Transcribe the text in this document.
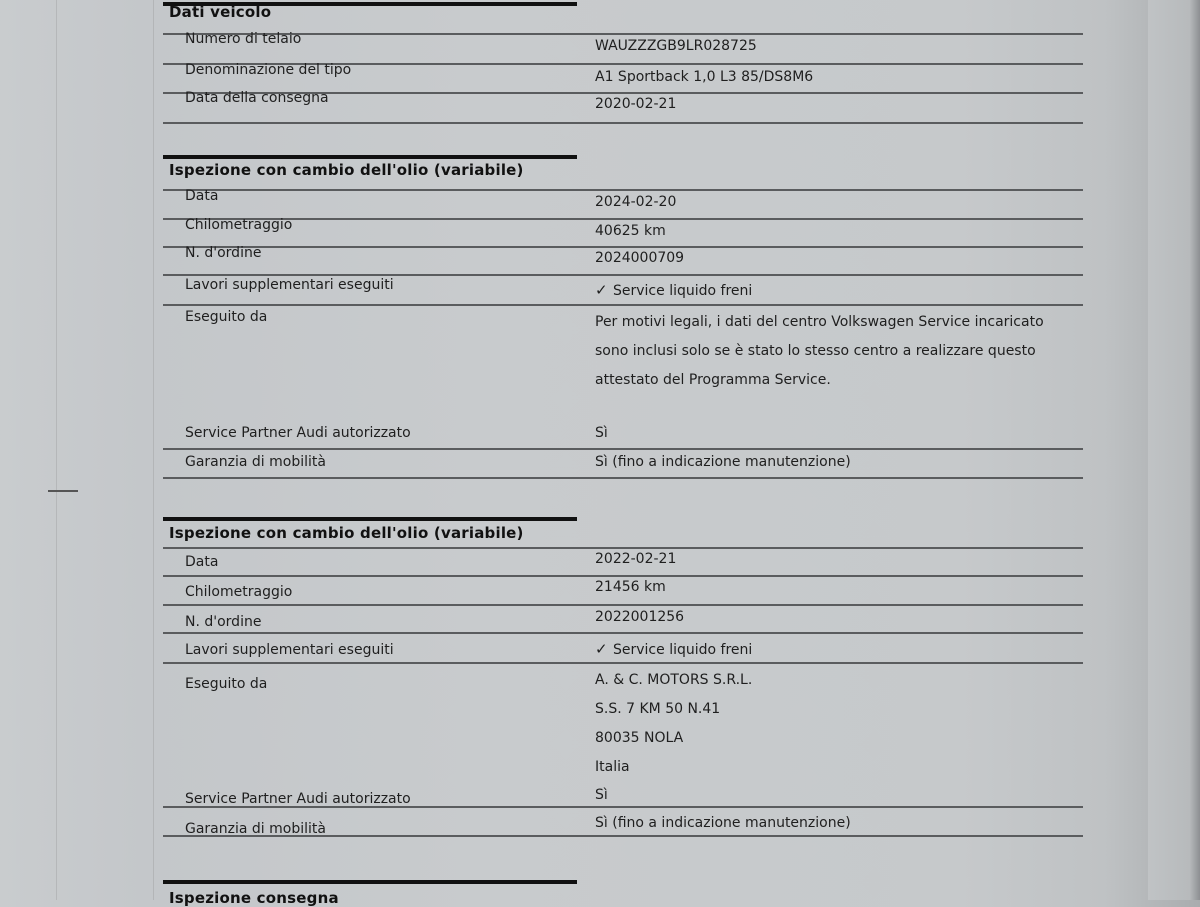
Dati veicolo
Numero di telaio	WAUZZZGB9LR028725
Denominazione del tipo	A1 Sportback 1,0 L3 85/DS8M6
Data della consegna	2020-02-21
Ispezione con cambio dell'olio (variabile)
Data	2024-02-20
Chilometraggio	40625 km
N. d'ordine	2024000709
Lavori supplementari eseguiti	✓ Service liquido freni
Eseguito da	Per motivi legali, i dati del centro Volkswagen Service incaricato
sono inclusi solo se è stato lo stesso centro a realizzare questo
attestato del Programma Service.
Service Partner Audi autorizzato	Sì
Garanzia di mobilità	Sì (fino a indicazione manutenzione)
Ispezione con cambio dell'olio (variabile)
Data	2022-02-21
Chilometraggio	21456 km
N. d'ordine	2022001256
Lavori supplementari eseguiti	✓ Service liquido freni
Eseguito da	A. & C. MOTORS S.R.L.
S.S. 7 KM 50 N.41
80035 NOLA
Italia
Service Partner Audi autorizzato	Sì
Garanzia di mobilità	Sì (fino a indicazione manutenzione)
Ispezione consegna
